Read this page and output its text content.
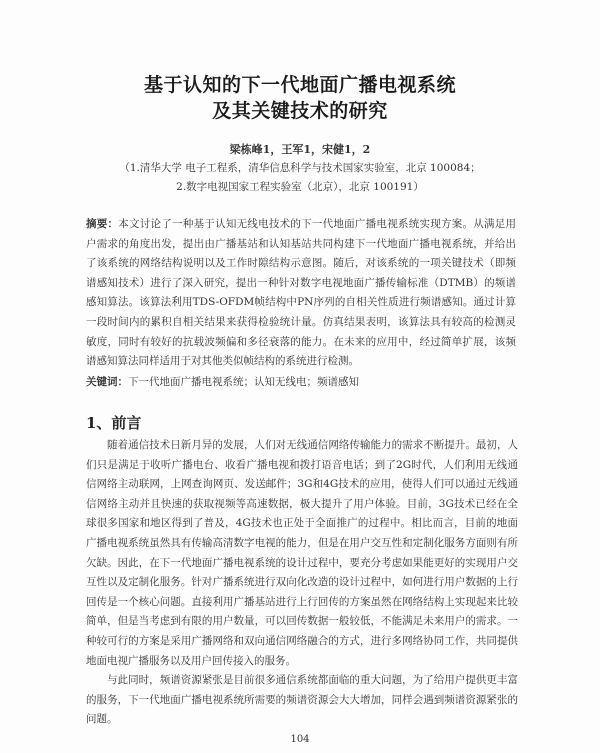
基于认知的下一代地面广播电视系统
及其关键技术的研究
梁栋峰1，王军1，宋健1，2
（1.清华大学 电子工程系，清华信息科学与技术国家实验室，北京 100084；
2.数字电视国家工程实验室（北京），北京 100191）

摘要：本文讨论了一种基于认知无线电技术的下一代地面广播电视系统实现方案。从满足用户需求的角度出发，提出由广播基站和认知基站共同构建下一代地面广播电视系统，并给出了该系统的网络结构说明以及工作时隙结构示意图。随后，对该系统的一项关键技术（即频谱感知技术）进行了深入研究，提出一种针对数字电视地面广播传输标准（DTMB）的频谱感知算法。该算法利用TDS-OFDM帧结构中PN序列的自相关性质进行频谱感知。通过计算一段时间内的累积自相关结果来获得检验统计量。仿真结果表明，该算法具有较高的检测灵敏度，同时有较好的抗载波频偏和多径衰落的能力。在未来的应用中，经过简单扩展，该频谱感知算法同样适用于对其他类似帧结构的系统进行检测。

关键词：下一代地面广播电视系统；认知无线电；频谱感知
1、前言

随着通信技术日新月异的发展，人们对无线通信网络传输能力的需求不断提升。最初，人们只是满足于收听广播电台、收看广播电视和拨打语音电话；到了2G时代，人们利用无线通信网络主动联网，上网查询网页、发送邮件；3G和4G技术的应用，使得人们可以通过无线通信网络主动并且快速的获取视频等高速数据，极大提升了用户体验。目前，3G技术已经在全球很多国家和地区得到了普及，4G技术也正处于全面推广的过程中。相比而言，目前的地面广播电视系统虽然具有传输高清数字电视的能力，但是在用户交互性和定制化服务方面则有所欠缺。因此，在下一代地面广播电视系统的设计过程中，要充分考虑如果能更好的实现用户交互性以及定制化服务。针对广播系统进行双向化改造的设计过程中，如何进行用户数据的上行回传是一个核心问题。直接利用广播基站进行上行回传的方案虽然在网络结构上实现起来比较简单，但是当考虑到有限的用户数量，可以回传数据一般较低，不能满足未来用户的需求。一种较可行的方案是采用广播网络和双向通信网络融合的方式，进行多网络协同工作，共同提供地面电视广播服务以及用户回传接入的服务。

与此同时，频谱资源紧张是目前很多通信系统都面临的重大问题，为了给用户提供更丰富的服务，下一代地面广播电视系统所需要的频谱资源会大大增加，同样会遇到频谱资源紧张的问题。

104
